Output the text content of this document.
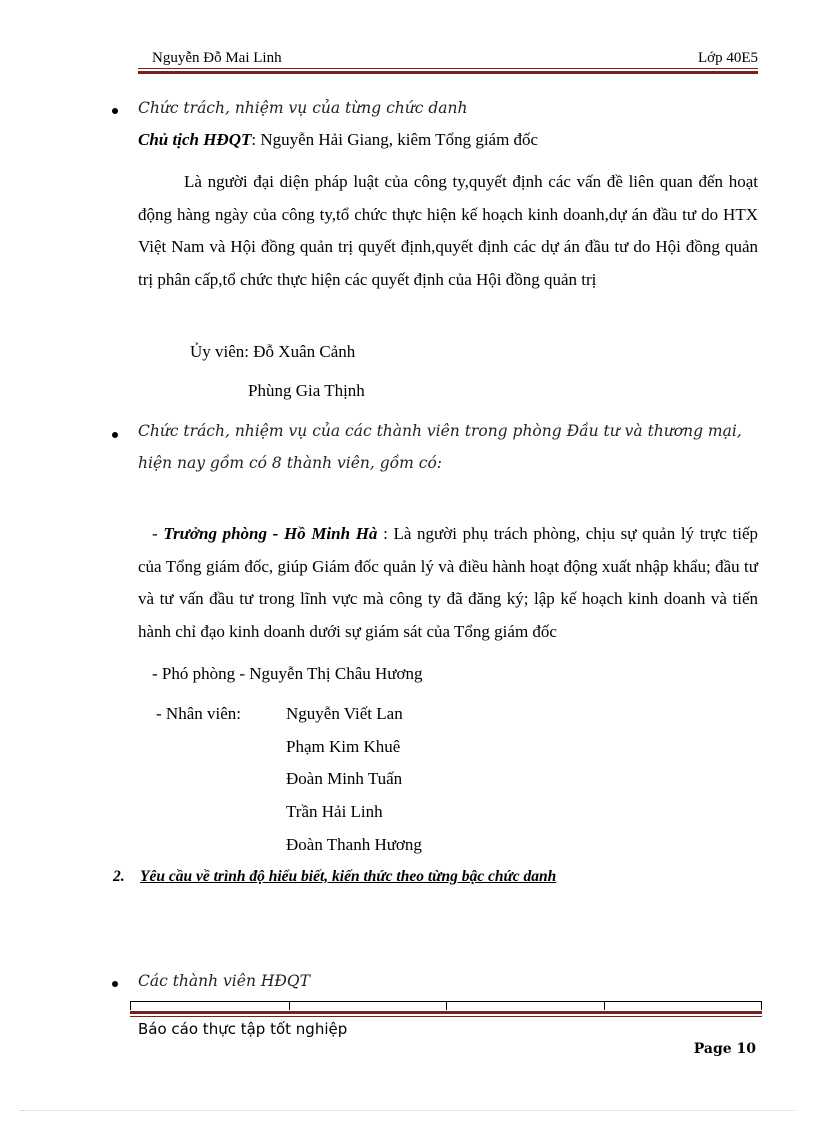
Nguyễn Đỗ Mai Linh	Lớp 40E5
Chức trách, nhiệm vụ của từng chức danh
Chủ tịch HĐQT: Nguyễn Hải Giang, kiêm Tổng giám đốc
Là người đại diện pháp luật của công ty,quyết định các vấn đề liên quan đến hoạt động hàng ngày của công ty,tổ chức thực hiện kế hoạch kinh doanh,dự án đầu tư do HTX Việt Nam và Hội đồng quản trị quyết định,quyết định các dự án đầu tư do Hội đồng quản trị phân cấp,tổ chức thực hiện các quyết định của Hội đồng quản trị
Ủy viên: Đỗ Xuân Cảnh
Phùng Gia Thịnh
Chức trách, nhiệm vụ của các thành viên trong phòng Đầu tư và thương mại,
hiện nay gồm có 8 thành viên, gồm có:
- Trưởng phòng - Hồ Minh Hà : Là người phụ trách phòng, chịu sự quản lý trực tiếp của Tổng giám đốc, giúp Giám đốc quản lý và điều hành hoạt động xuất nhập khẩu; đầu tư và tư vấn đầu tư trong lĩnh vực mà công ty đã đăng ký; lập kế hoạch kinh doanh và tiến hành chỉ đạo kinh doanh dưới sự giám sát của Tổng giám đốc
- Phó phòng - Nguyễn Thị Châu Hương
- Nhân viên:	Nguyễn Viết Lan
Phạm Kim Khuê
Đoàn Minh Tuấn
Trần Hải Linh
Đoàn Thanh Hương
2. Yêu cầu về trình độ hiểu biết, kiến thức theo từng bậc chức danh
Các thành viên HĐQT
Báo cáo thực tập tốt nghiệp
Page 10
